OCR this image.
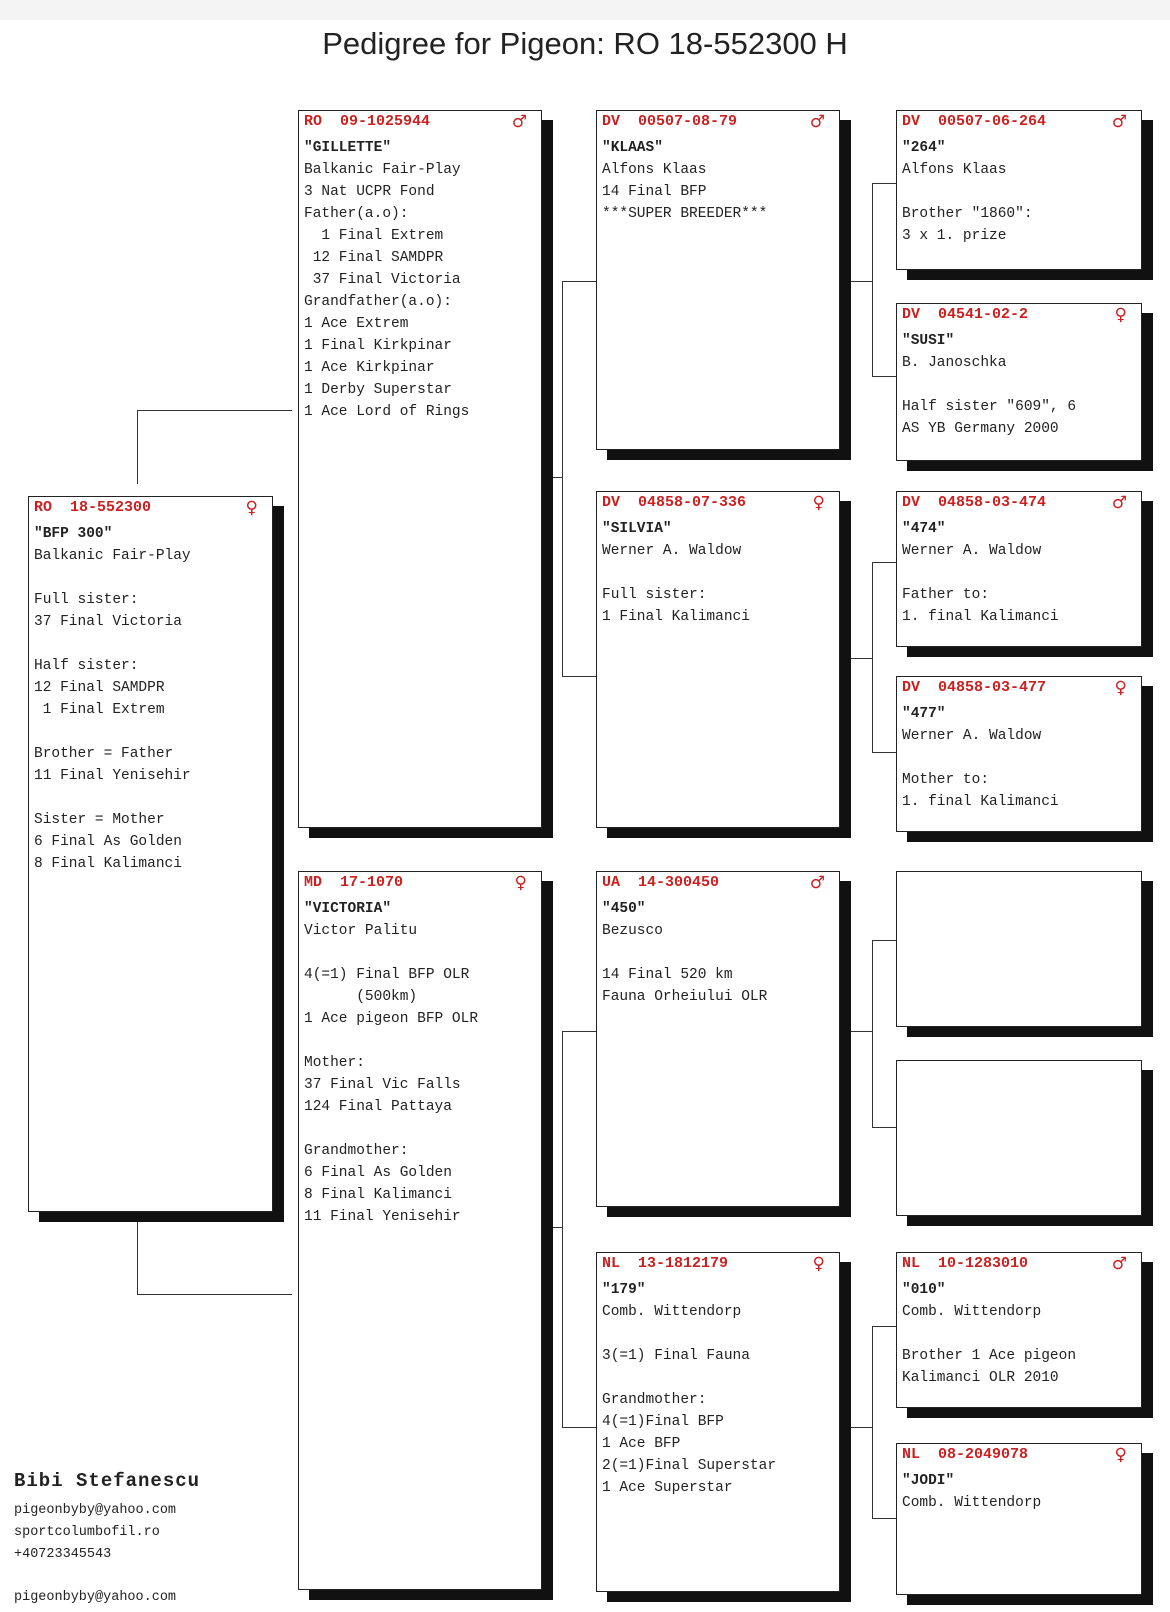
Pedigree for Pigeon: RO 18-552300 H
RO  18-552300	♀
"BFP 300"
Balkanic Fair-Play
Full sister:
37 Final Victoria
Half sister:
12 Final SAMDPR
1 Final Extrem
Brother = Father
11 Final Yenisehir
Sister = Mother
6 Final As Golden
8 Final Kalimanci
RO  09-1025944	♂
"GILLETTE"
Balkanic Fair-Play
3 Nat UCPR Fond
Father(a.o):
1 Final Extrem
12 Final SAMDPR
37 Final Victoria
Grandfather(a.o):
1 Ace Extrem
1 Final Kirkpinar
1 Ace Kirkpinar
1 Derby Superstar
1 Ace Lord of Rings
MD  17-1070	♀
"VICTORIA"
Victor Palitu
4(=1) Final BFP OLR
(500km)
1 Ace pigeon BFP OLR
Mother:
37 Final Vic Falls
124 Final Pattaya
Grandmother:
6 Final As Golden
8 Final Kalimanci
11 Final Yenisehir
DV  00507-08-79	♂
"KLAAS"
Alfons Klaas
14 Final BFP
***SUPER BREEDER***
DV  04858-07-336	♀
"SILVIA"
Werner A. Waldow
Full sister:
1 Final Kalimanci
UA  14-300450	♂
"450"
Bezusco
14 Final 520 km
Fauna Orheiului OLR
NL  13-1812179	♀
"179"
Comb. Wittendorp
3(=1) Final Fauna
Grandmother:
4(=1)Final BFP
1 Ace BFP
2(=1)Final Superstar
1 Ace Superstar
DV  00507-06-264	♂
"264"
Alfons Klaas
Brother "1860":
3 x 1. prize
DV  04541-02-2	♀
"SUSI"
B. Janoschka
Half sister "609", 6
AS YB Germany 2000
DV  04858-03-474	♂
"474"
Werner A. Waldow
Father to:
1. final Kalimanci
DV  04858-03-477	♀
"477"
Werner A. Waldow
Mother to:
1. final Kalimanci
NL  10-1283010	♂
"010"
Comb. Wittendorp
Brother 1 Ace pigeon
Kalimanci OLR 2010
NL  08-2049078	♀
"JODI"
Comb. Wittendorp
Bibi Stefanescu
pigeonbyby@yahoo.com
sportcolumbofil.ro
+40723345543
pigeonbyby@yahoo.com
